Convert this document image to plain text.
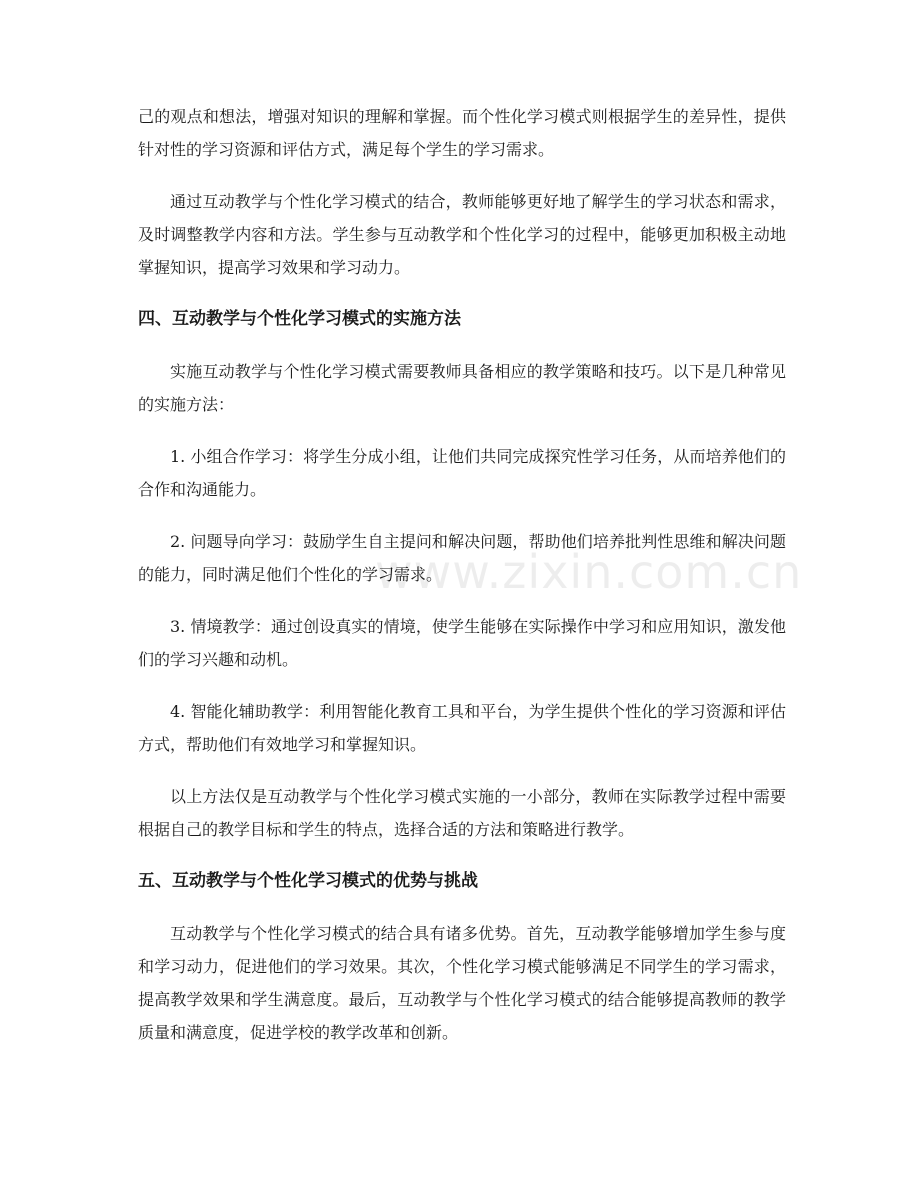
己的观点和想法，增强对知识的理解和掌握。而个性化学习模式则根据学生的差异性，提供针对性的学习资源和评估方式，满足每个学生的学习需求。

通过互动教学与个性化学习模式的结合，教师能够更好地了解学生的学习状态和需求，及时调整教学内容和方法。学生参与互动教学和个性化学习的过程中，能够更加积极主动地掌握知识，提高学习效果和学习动力。

四、互动教学与个性化学习模式的实施方法

实施互动教学与个性化学习模式需要教师具备相应的教学策略和技巧。以下是几种常见的实施方法：

1. 小组合作学习：将学生分成小组，让他们共同完成探究性学习任务，从而培养他们的合作和沟通能力。

2. 问题导向学习：鼓励学生自主提问和解决问题，帮助他们培养批判性思维和解决问题的能力，同时满足他们个性化的学习需求。

3. 情境教学：通过创设真实的情境，使学生能够在实际操作中学习和应用知识，激发他们的学习兴趣和动机。

4. 智能化辅助教学：利用智能化教育工具和平台，为学生提供个性化的学习资源和评估方式，帮助他们有效地学习和掌握知识。

以上方法仅是互动教学与个性化学习模式实施的一小部分，教师在实际教学过程中需要根据自己的教学目标和学生的特点，选择合适的方法和策略进行教学。

五、互动教学与个性化学习模式的优势与挑战

互动教学与个性化学习模式的结合具有诸多优势。首先，互动教学能够增加学生参与度和学习动力，促进他们的学习效果。其次，个性化学习模式能够满足不同学生的学习需求，提高教学效果和学生满意度。最后，互动教学与个性化学习模式的结合能够提高教师的教学质量和满意度，促进学校的教学改革和创新。

www.zixin.com.cn
